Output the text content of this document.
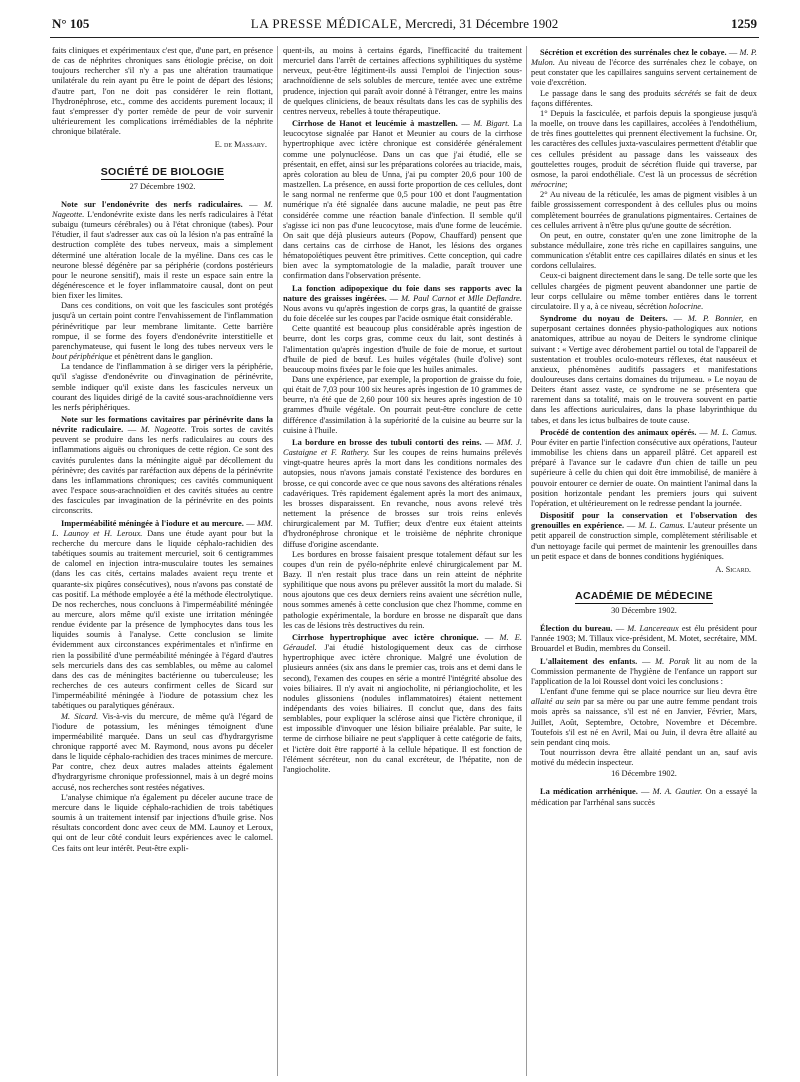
N° 105	LA PRESSE MÉDICALE, Mercredi, 31 Décembre 1902	1259
faits cliniques et expérimentaux c'est que, d'une part, en présence de cas de néphrites chroniques sans étiologie précise, on doit toujours rechercher s'il n'y a pas une altération traumatique unilatérale du rein ayant pu être le point de départ des lésions; d'autre part, l'on ne doit pas considérer le rein flottant, l'hydronéphrose, etc., comme des accidents purement locaux; il faut s'empresser d'y porter remède de peur de voir survenir ultérieurement les complications irrémédiables de la néphrite chronique bilatérale.
E. de Massary.
SOCIÉTÉ DE BIOLOGIE
27 Décembre 1902.
Note sur l'endonévrite des nerfs radiculaires. — M. Nageotte. L'endonévrite existe dans les nerfs radiculaires à l'état subaigu (tumeurs cérébrales) ou à l'état chronique (tabes). Pour l'étudier, il faut s'adresser aux cas où la lésion n'a pas entraîné la destruction complète des tubes nerveux, mais a simplement déterminé une altération locale de la myéline. Dans ces cas le neurone blessé dégénère par sa périphérie (cordons postérieurs pour le neurone sensitif), mais il reste un espace sain entre la dégénérescence et le foyer inflammatoire causal, dont on peut bien fixer les limites.
Dans ces conditions, on voit que les fascicules sont protégés jusqu'à un certain point contre l'envahissement de l'inflammation périnévritique par leur membrane limitante. Cette barrière rompue, il se forme des foyers d'endonévrite interstitielle et parenchymateuse, qui fusent le long des tubes nerveux vers le bout périphérique et pénètrent dans le ganglion.
La tendance de l'inflammation à se diriger vers la périphérie, qu'il s'agisse d'endonévrite ou d'invagination de périnévrite, semble indiquer qu'il existe dans les fascicules nerveux un courant des liquides dirigé de la cavité sous-arachnoïdienne vers les nerfs périphériques.
Note sur les formations cavitaires par périnévrite dans la névrite radiculaire. — M. Nageotte. Trois sortes de cavités peuvent se produire dans les nerfs radiculaires au cours des inflammations aiguës ou chroniques de cette région. Ce sont des cavités purulentes dans la méningite aiguë par décollement du périnèvre; des cavités par raréfaction aux dépens de la périnévrite dans les inflammations chroniques; ces cavités communiquent avec l'espace sous-arachnoïdien et des cavités situées au centre des fascicules par invagination de la périnévrite en des points circonscrits.
Imperméabilité méningée à l'iodure et au mercure. — MM. L. Launoy et H. Leroux. Dans une étude ayant pour but la recherche du mercure dans le liquide céphalo-rachidien des tabétiques soumis au traitement mercuriel, soit 6 centigrammes de calomel en injection intra-musculaire toutes les semaines (dans les cas cités, certains malades avaient reçu trente et quarante-six piqûres consécutives), nous n'avons pas constaté de cas positif. La méthode employée a été la méthode électrolytique. De nos recherches, nous concluons à l'imperméabilité méningée au mercure, alors même qu'il existe une irritation méningée rendue évidente par la présence de lymphocytes dans tous les liquides soumis à l'analyse. Cette conclusion se limite évidemment aux circonstances expérimentales et n'infirme en rien la possibilité d'une perméabilité méningée à l'égard d'autres sels mercuriels dans des cas semblables, ou même au calomel dans des cas de méningites bactérienne ou tuberculeuse; les recherches de ces auteurs confirment celles de Sicard sur l'imperméabilité méningée à l'iodure de potassium chez les tabétiques ou paralytiques généraux.
M. Sicard. Vis-à-vis du mercure, de même qu'à l'égard de l'iodure de potassium, les méninges témoignent d'une imperméabilité marquée. Dans un seul cas d'hydrargyrisme chronique rapporté avec M. Raymond, nous avons pu déceler dans le liquide céphalo-rachidien des traces minimes de mercure. Par contre, chez deux autres malades atteints également d'hydrargyrisme chronique professionnel, mais à un degré moins accusé, nos recherches sont restées négatives.
L'analyse chimique n'a également pu déceler aucune trace de mercure dans le liquide céphalo-rachidien de trois tabétiques soumis à un traitement intensif par injections d'huile grise. Nos résultats concordent donc avec ceux de MM. Launoy et Leroux, qui ont de leur côté conduit leurs expériences avec le calomel. Ces faits ont leur intérêt. Peut-être expli-
quent-ils, au moins à certains égards, l'inefficacité du traitement mercuriel dans l'arrêt de certaines affections syphilitiques du système nerveux, peut-être légitiment-ils aussi l'emploi de l'injection sous-arachnoïdienne de sels solubles de mercure, tentée avec une extrême prudence, injection qui paraît avoir donné à l'étranger, entre les mains de quelques cliniciens, de beaux résultats dans les cas de syphilis des centres nerveux, rebelles à toute thérapeutique.
Cirrhose de Hanot et leucémie à mastzellen. — M. Bigart. La leucocytose signalée par Hanot et Meunier au cours de la cirrhose hypertrophique avec ictère chronique est considérée généralement comme une polynucléose. Dans un cas que j'ai étudié, elle se présentait, en effet, ainsi sur les préparations colorées au triacide, mais, après coloration au bleu de Unna, j'ai pu compter 20,6 pour 100 de mastzellen. La présence, en aussi forte proportion de ces cellules, dont le sang normal ne renferme que 0,5 pour 100 et dont l'augmentation numérique n'a été signalée dans aucune maladie, ne peut pas être considérée comme une réaction banale d'infection. Il semble qu'il s'agisse ici non pas d'une leucocytose, mais d'une forme de leucémie. On sait que déjà plusieurs auteurs (Popow, Chauffard) pensent que dans certains cas de cirrhose de Hanot, les lésions des organes hématopoïétiques peuvent être primitives. Cette conception, qui cadre bien avec la symptomatologie de la maladie, paraît trouver une confirmation dans l'observation présente.
La fonction adipopexique du foie dans ses rapports avec la nature des graisses ingérées. — M. Paul Carnot et Mlle Deflandre. Nous avons vu qu'après ingestion de corps gras, la quantité de graisse du foie décelée sur les coupes par l'acide osmique était considérable.
Cette quantité est beaucoup plus considérable après ingestion de beurre, dont les corps gras, comme ceux du lait, sont destinés à l'alimentation qu'après ingestion d'huile de foie de morue, et surtout d'huile de pied de bœuf. Les huiles végétales (huile d'olive) sont beaucoup moins fixées par le foie que les huiles animales.
Dans une expérience, par exemple, la proportion de graisse du foie, qui était de 7,03 pour 100 six heures après ingestion de 10 grammes de beurre, n'a été que de 2,60 pour 100 six heures après ingestion de 10 grammes d'huile végétale. On pourrait peut-être conclure de cette différence d'assimilation à la supériorité de la cuisine au beurre sur la cuisine à l'huile.
La bordure en brosse des tubuli contorti des reins. — MM. J. Castaigne et F. Rathery. Sur les coupes de reins humains prélevés vingt-quatre heures après la mort dans les conditions normales des autopsies, nous n'avons jamais constaté l'existence des bordures en brosse, ce qui concorde avec ce que nous savons des altérations rénales cadavériques. Très rapidement également après la mort des animaux, les brosses disparaissent. En revanche, nous avons relevé très nettement la présence de brosses sur trois reins enlevés chirurgicalement par M. Tuffier; deux d'entre eux étaient atteints d'hydronéphrose chronique et le troisième de néphrite chronique diffuse d'origine ascendante.
Les bordures en brosse faisaient presque totalement défaut sur les coupes d'un rein de pyélo-néphrite enlevé chirurgicalement par M. Bazy. Il n'en restait plus trace dans un rein atteint de néphrite syphilitique que nous avons pu prélever aussitôt la mort du malade. Si nous ajoutons que ces deux derniers reins avaient une sécrétion nulle, nous sommes amenés à cette conclusion que chez l'homme, comme en pathologie expérimentale, la bordure en brosse ne disparaît que dans les cas de lésions très destructives du rein.
Cirrhose hypertrophique avec ictère chronique. — M. E. Géraudel. J'ai étudié histologiquement deux cas de cirrhose hypertrophique avec ictère chronique. Malgré une évolution de plusieurs années (six ans dans le premier cas, trois ans et demi dans le second), l'examen des coupes en série a montré l'intégrité absolue des voies biliaires. Il n'y avait ni angiocholite, ni périangiocholite, et les nodules glissoniens (nodules inflammatoires) étaient nettement indépendants des voies biliaires. Il conclut que, dans des faits semblables, pour expliquer la sclérose ainsi que l'ictère chronique, il est impossible d'invoquer une lésion biliaire préalable. Par suite, le terme de cirrhose biliaire ne peut s'appliquer à cette catégorie de faits, et l'ictère doit être rapporté à la cellule hépatique. Il est fonction de l'élément sécréteur, non du canal excréteur, de l'hépatite, non de l'angiocholite.
Sécrétion et excrétion des surrénales chez le cobaye. — M. P. Mulon. Au niveau de l'écorce des surrénales chez le cobaye, on peut constater que les capillaires sanguins servent certainement de voie d'excrétion.
Le passage dans le sang des produits sécrétés se fait de deux façons différentes.
1° Depuis la fasciculée, et parfois depuis la spongieuse jusqu'à la moelle, on trouve dans les capillaires, accolées à l'endothélium, de très fines gouttelettes qui prennent électivement la fuchsine. Or, les caractères des cellules juxta-vasculaires permettent d'établir que ces cellules président au passage dans les vaisseaux des gouttelettes rouges, produit de sécrétion fluide qui traverse, par osmose, la paroi endothéliale. C'est là un processus de sécrétion mérocrine;
2° Au niveau de la réticulée, les amas de pigment visibles à un faible grossissement correspondent à des cellules plus ou moins complètement bourrées de granulations pigmentaires. Certaines de ces cellules arrivent à n'être plus qu'une goutte de sécrétion.
On peut, en outre, constater qu'en une zone limitrophe de la substance médullaire, zone très riche en capillaires sanguins, une communication s'établit entre ces capillaires dilatés en sinus et les cordons cellulaires.
Ceux-ci baignent directement dans le sang. De telle sorte que les cellules chargées de pigment peuvent abandonner une partie de leur corps cellulaire ou même tomber entières dans le torrent circulatoire. Il y a, à ce niveau, sécrétion holocrine.
Syndrome du noyau de Deiters. — M. P. Bonnier, en superposant certaines données physio-pathologiques aux notions anatomiques, attribue au noyau de Deiters le syndrome clinique suivant : « Vertige avec dérobement partiel ou total de l'appareil de sustentation et troubles oculo-moteurs réflexes, état nauséeux et anxieux, phénomènes auditifs passagers et manifestations douloureuses dans certains domaines du trijumeau. » Le noyau de Deiters étant assez vaste, ce syndrome ne se présentera que rarement dans sa totalité, mais on le trouvera souvent en partie dans les affections auriculaires, dans la phase labyrinthique du tabes, et dans les ictus bulbaires de toute cause.
Procédé de contention des animaux opérés. — M. L. Camus. Pour éviter en partie l'infection consécutive aux opérations, l'auteur immobilise les chiens dans un appareil plâtré. Cet appareil est préparé à l'avance sur le cadavre d'un chien de taille un peu supérieure à celle du chien qui doit être immobilisé, de manière à pouvoir entourer ce dernier de ouate. On maintient l'animal dans la position horizontale pendant les premiers jours qui suivent l'opération, et ultérieurement on le redresse pendant la journée.
Dispositif pour la conservation et l'observation des grenouilles en expérience. — M. L. Camus. L'auteur présente un petit appareil de construction simple, complètement stérilisable et d'un nettoyage facile qui permet de maintenir les grenouilles dans un petit espace et dans de bonnes conditions hygiéniques.
A. Sicard.
ACADÉMIE DE MÉDECINE
30 Décembre 1902.
Élection du bureau. — M. Lancereaux est élu président pour l'année 1903; M. Tillaux vice-président, M. Motet, secrétaire, MM. Brouardel et Budin, membres du Conseil.
L'allaitement des enfants. — M. Porak lit au nom de la Commission permanente de l'hygiène de l'enfance un rapport sur l'application de la loi Roussel dont voici les conclusions :
L'enfant d'une femme qui se place nourrice sur lieu devra être allaité au sein par sa mère ou par une autre femme pendant trois mois après sa naissance, s'il est né en Janvier, Février, Mars, Juillet, Août, Septembre, Octobre, Novembre et Décembre. Toutefois s'il est né en Avril, Mai ou Juin, il devra être allaité au sein pendant cinq mois.
Tout nourrisson devra être allaité pendant un an, sauf avis motivé du médecin inspecteur.
16 Décembre 1902.
La médication arrhénique. — M. A. Gautier. On a essayé la médication par l'arrhénal sans succès
